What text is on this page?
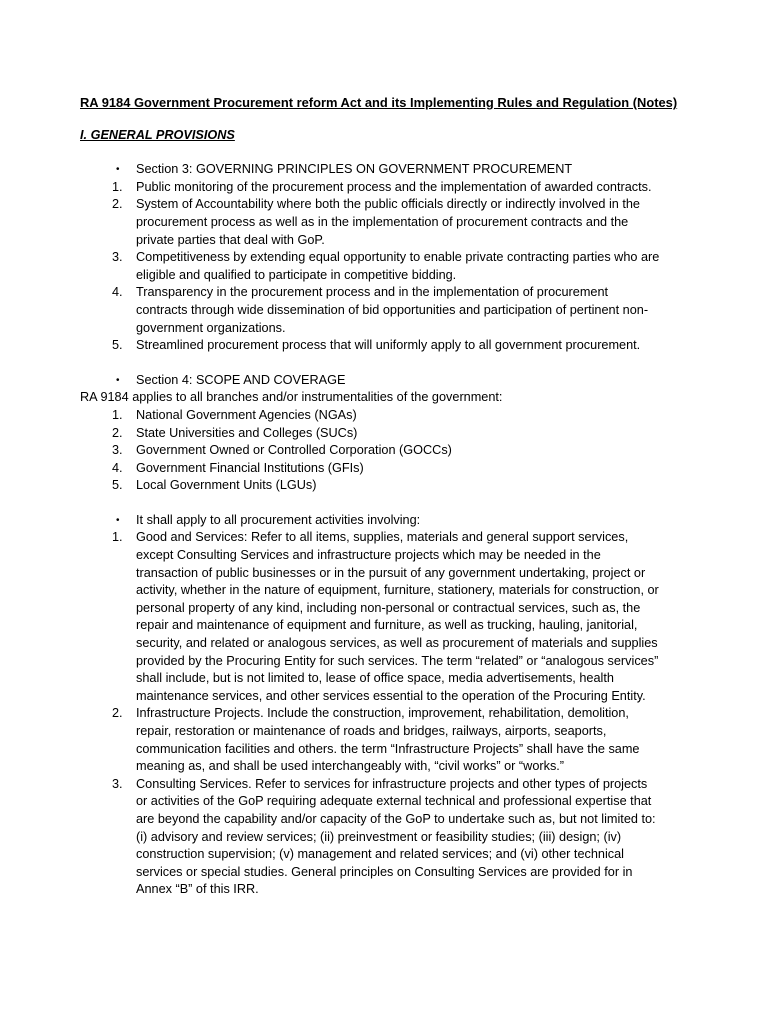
RA 9184 Government Procurement reform Act and its Implementing Rules and Regulation (Notes)

I. GENERAL PROVISIONS

• Section 3: GOVERNING PRINCIPLES ON GOVERNMENT PROCUREMENT
1. Public monitoring of the procurement process and the implementation of awarded contracts.
2. System of Accountability where both the public officials directly or indirectly involved in the procurement process as well as in the implementation of procurement contracts and the private parties that deal with GoP.
3. Competitiveness by extending equal opportunity to enable private contracting parties who are eligible and qualified to participate in competitive bidding.
4. Transparency in the procurement process and in the implementation of procurement contracts through wide dissemination of bid opportunities and participation of pertinent non-government organizations.
5. Streamlined procurement process that will uniformly apply to all government procurement.
• Section 4: SCOPE AND COVERAGE
RA 9184 applies to all branches and/or instrumentalities of the government:
1. National Government Agencies (NGAs)
2. State Universities and Colleges (SUCs)
3. Government Owned or Controlled Corporation (GOCCs)
4. Government Financial Institutions (GFIs)
5. Local Government Units (LGUs)
• It shall apply to all procurement activities involving:
1. Good and Services: Refer to all items, supplies, materials and general support services, except Consulting Services and infrastructure projects which may be needed in the transaction of public businesses or in the pursuit of any government undertaking, project or activity, whether in the nature of equipment, furniture, stationery, materials for construction, or personal property of any kind, including non-personal or contractual services, such as, the repair and maintenance of equipment and furniture, as well as trucking, hauling, janitorial, security, and related or analogous services, as well as procurement of materials and supplies provided by the Procuring Entity for such services. The term “related” or “analogous services” shall include, but is not limited to, lease of office space, media advertisements, health maintenance services, and other services essential to the operation of the Procuring Entity.
2. Infrastructure Projects. Include the construction, improvement, rehabilitation, demolition, repair, restoration or maintenance of roads and bridges, railways, airports, seaports, communication facilities and others. the term “Infrastructure Projects” shall have the same meaning as, and shall be used interchangeably with, “civil works” or “works.”
3. Consulting Services. Refer to services for infrastructure projects and other types of projects or activities of the GoP requiring adequate external technical and professional expertise that are beyond the capability and/or capacity of the GoP to undertake such as, but not limited to: (i) advisory and review services; (ii) preinvestment or feasibility studies; (iii) design; (iv) construction supervision; (v) management and related services; and (vi) other technical services or special studies. General principles on Consulting Services are provided for in Annex “B” of this IRR.
